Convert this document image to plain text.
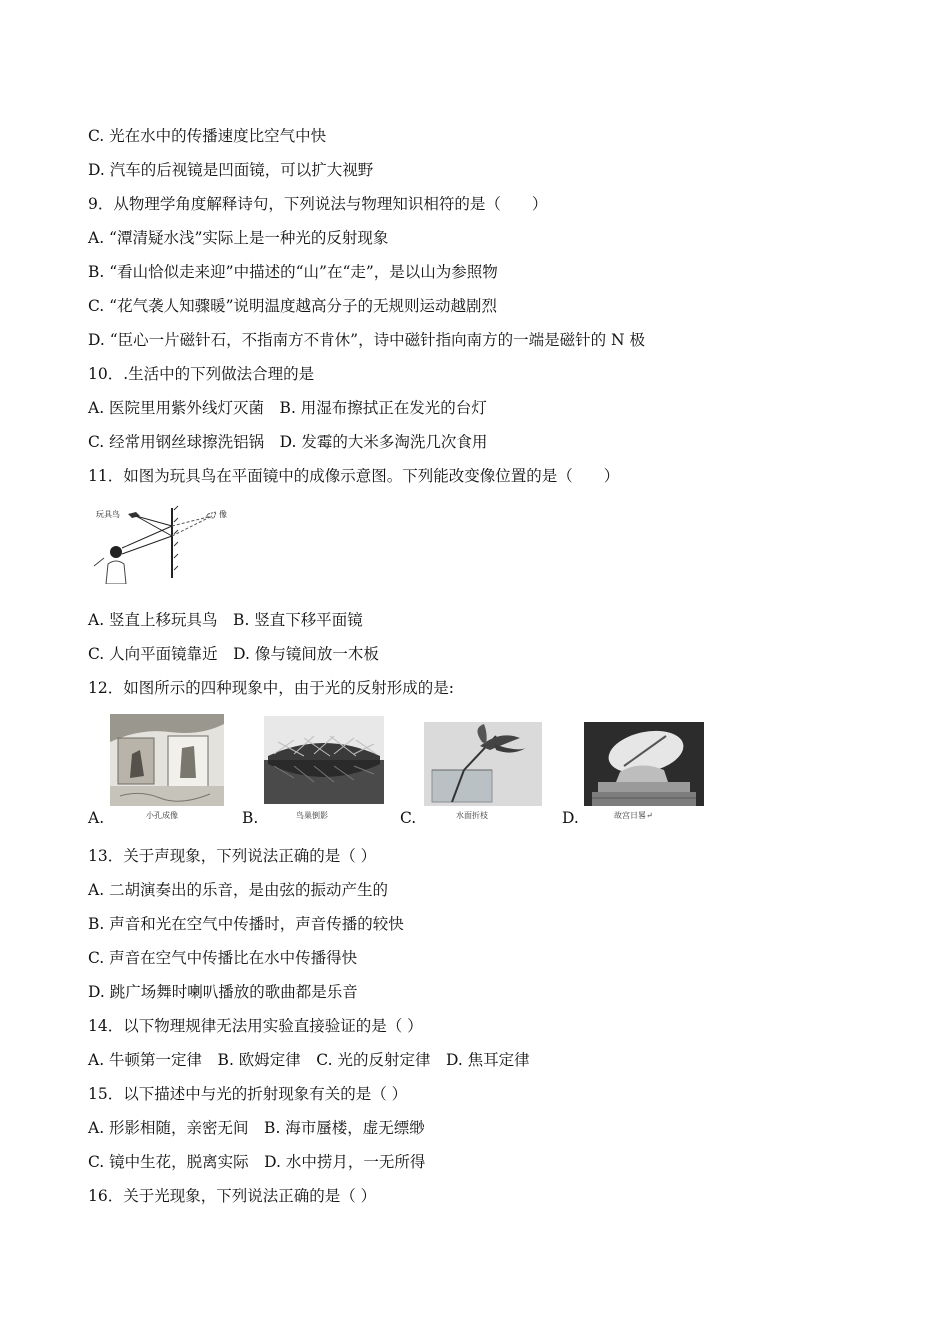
C. 光在水中的传播速度比空气中快
D. 汽车的后视镜是凹面镜，可以扩大视野
9．从物理学角度解释诗句，下列说法与物理知识相符的是（　　）
A. “潭清疑水浅”实际上是一种光的反射现象
B. “看山恰似走来迎”中描述的“山”在“走”，是以山为参照物
C. “花气袭人知骤暖”说明温度越高分子的无规则运动越剧烈
D. “臣心一片磁针石，不指南方不肯休”，诗中磁针指向南方的一端是磁针的 N 极
10．.生活中的下列做法合理的是
A. 医院里用紫外线灯灭菌　B. 用湿布擦拭正在发光的台灯
C. 经常用钢丝球擦洗铝锅　D. 发霉的大米多淘洗几次食用
11．如图为玩具鸟在平面镜中的成像示意图。下列能改变像位置的是（　　）
玩具鸟	像
A. 竖直上移玩具鸟　B. 竖直下移平面镜
C. 人向平面镜靠近　D. 像与镜间放一木板
12．如图所示的四种现象中，由于光的反射形成的是:
A.	小孔成像	B.	鸟巢倒影	C.	水面折枝	D.	故宫日晷↵
13．关于声现象，下列说法正确的是（ ）
A. 二胡演奏出的乐音，是由弦的振动产生的
B. 声音和光在空气中传播时，声音传播的较快
C. 声音在空气中传播比在水中传播得快
D. 跳广场舞时喇叭播放的歌曲都是乐音
14．以下物理规律无法用实验直接验证的是（ ）
A. 牛顿第一定律　B. 欧姆定律　C. 光的反射定律　D. 焦耳定律
15．以下描述中与光的折射现象有关的是（ ）
A. 形影相随，亲密无间　B. 海市蜃楼，虚无缥缈
C. 镜中生花，脱离实际　D. 水中捞月，一无所得
16．关于光现象，下列说法正确的是（ ）
